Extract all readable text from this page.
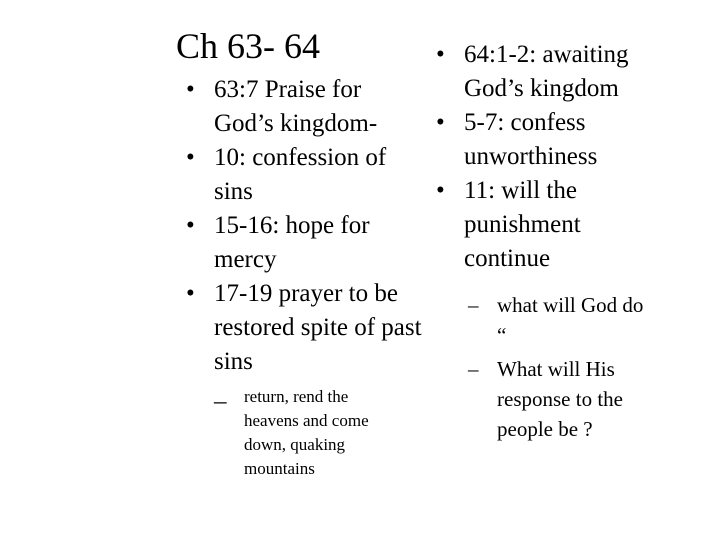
Ch 63- 64
• 63:7 Praise for God’s kingdom-
• 10: confession of sins
• 15-16: hope for mercy
• 17-19 prayer to be restored spite of past sins
– return, rend the heavens and come down, quaking mountains
• 64:1-2: awaiting God’s kingdom
• 5-7: confess unworthiness
• 11: will the punishment continue
– what will God do “
– What will His response to the people be ?
